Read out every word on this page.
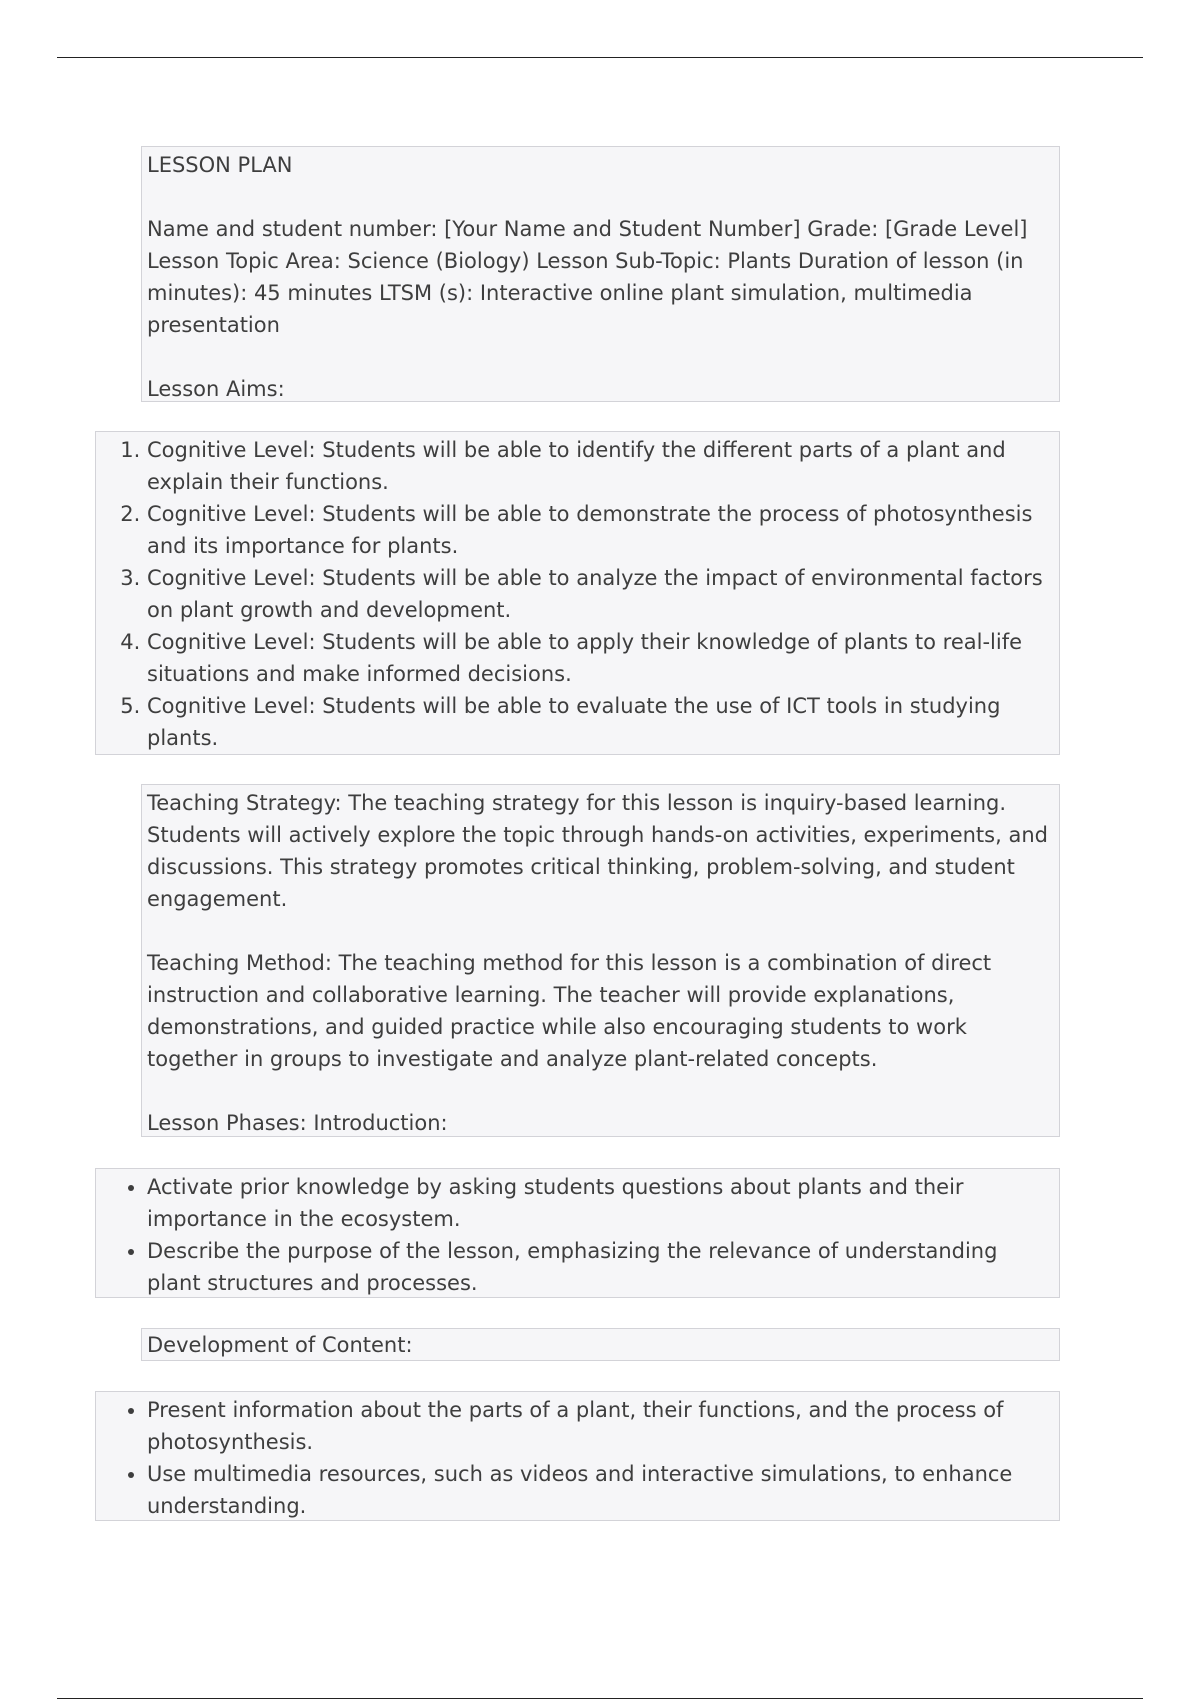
LESSON PLAN

Name and student number: [Your Name and Student Number] Grade: [Grade Level] Lesson Topic Area: Science (Biology) Lesson Sub-Topic: Plants Duration of lesson (in minutes): 45 minutes LTSM (s): Interactive online plant simulation, multimedia presentation

Lesson Aims:

1. Cognitive Level: Students will be able to identify the different parts of a plant and explain their functions.
2. Cognitive Level: Students will be able to demonstrate the process of photosynthesis and its importance for plants.
3. Cognitive Level: Students will be able to analyze the impact of environmental factors on plant growth and development.
4. Cognitive Level: Students will be able to apply their knowledge of plants to real-life situations and make informed decisions.
5. Cognitive Level: Students will be able to evaluate the use of ICT tools in studying plants.

Teaching Strategy: The teaching strategy for this lesson is inquiry-based learning. Students will actively explore the topic through hands-on activities, experiments, and discussions. This strategy promotes critical thinking, problem-solving, and student engagement.

Teaching Method: The teaching method for this lesson is a combination of direct instruction and collaborative learning. The teacher will provide explanations, demonstrations, and guided practice while also encouraging students to work together in groups to investigate and analyze plant-related concepts.

Lesson Phases: Introduction:

• Activate prior knowledge by asking students questions about plants and their importance in the ecosystem.
• Describe the purpose of the lesson, emphasizing the relevance of understanding plant structures and processes.

Development of Content:

• Present information about the parts of a plant, their functions, and the process of photosynthesis.
• Use multimedia resources, such as videos and interactive simulations, to enhance understanding.
